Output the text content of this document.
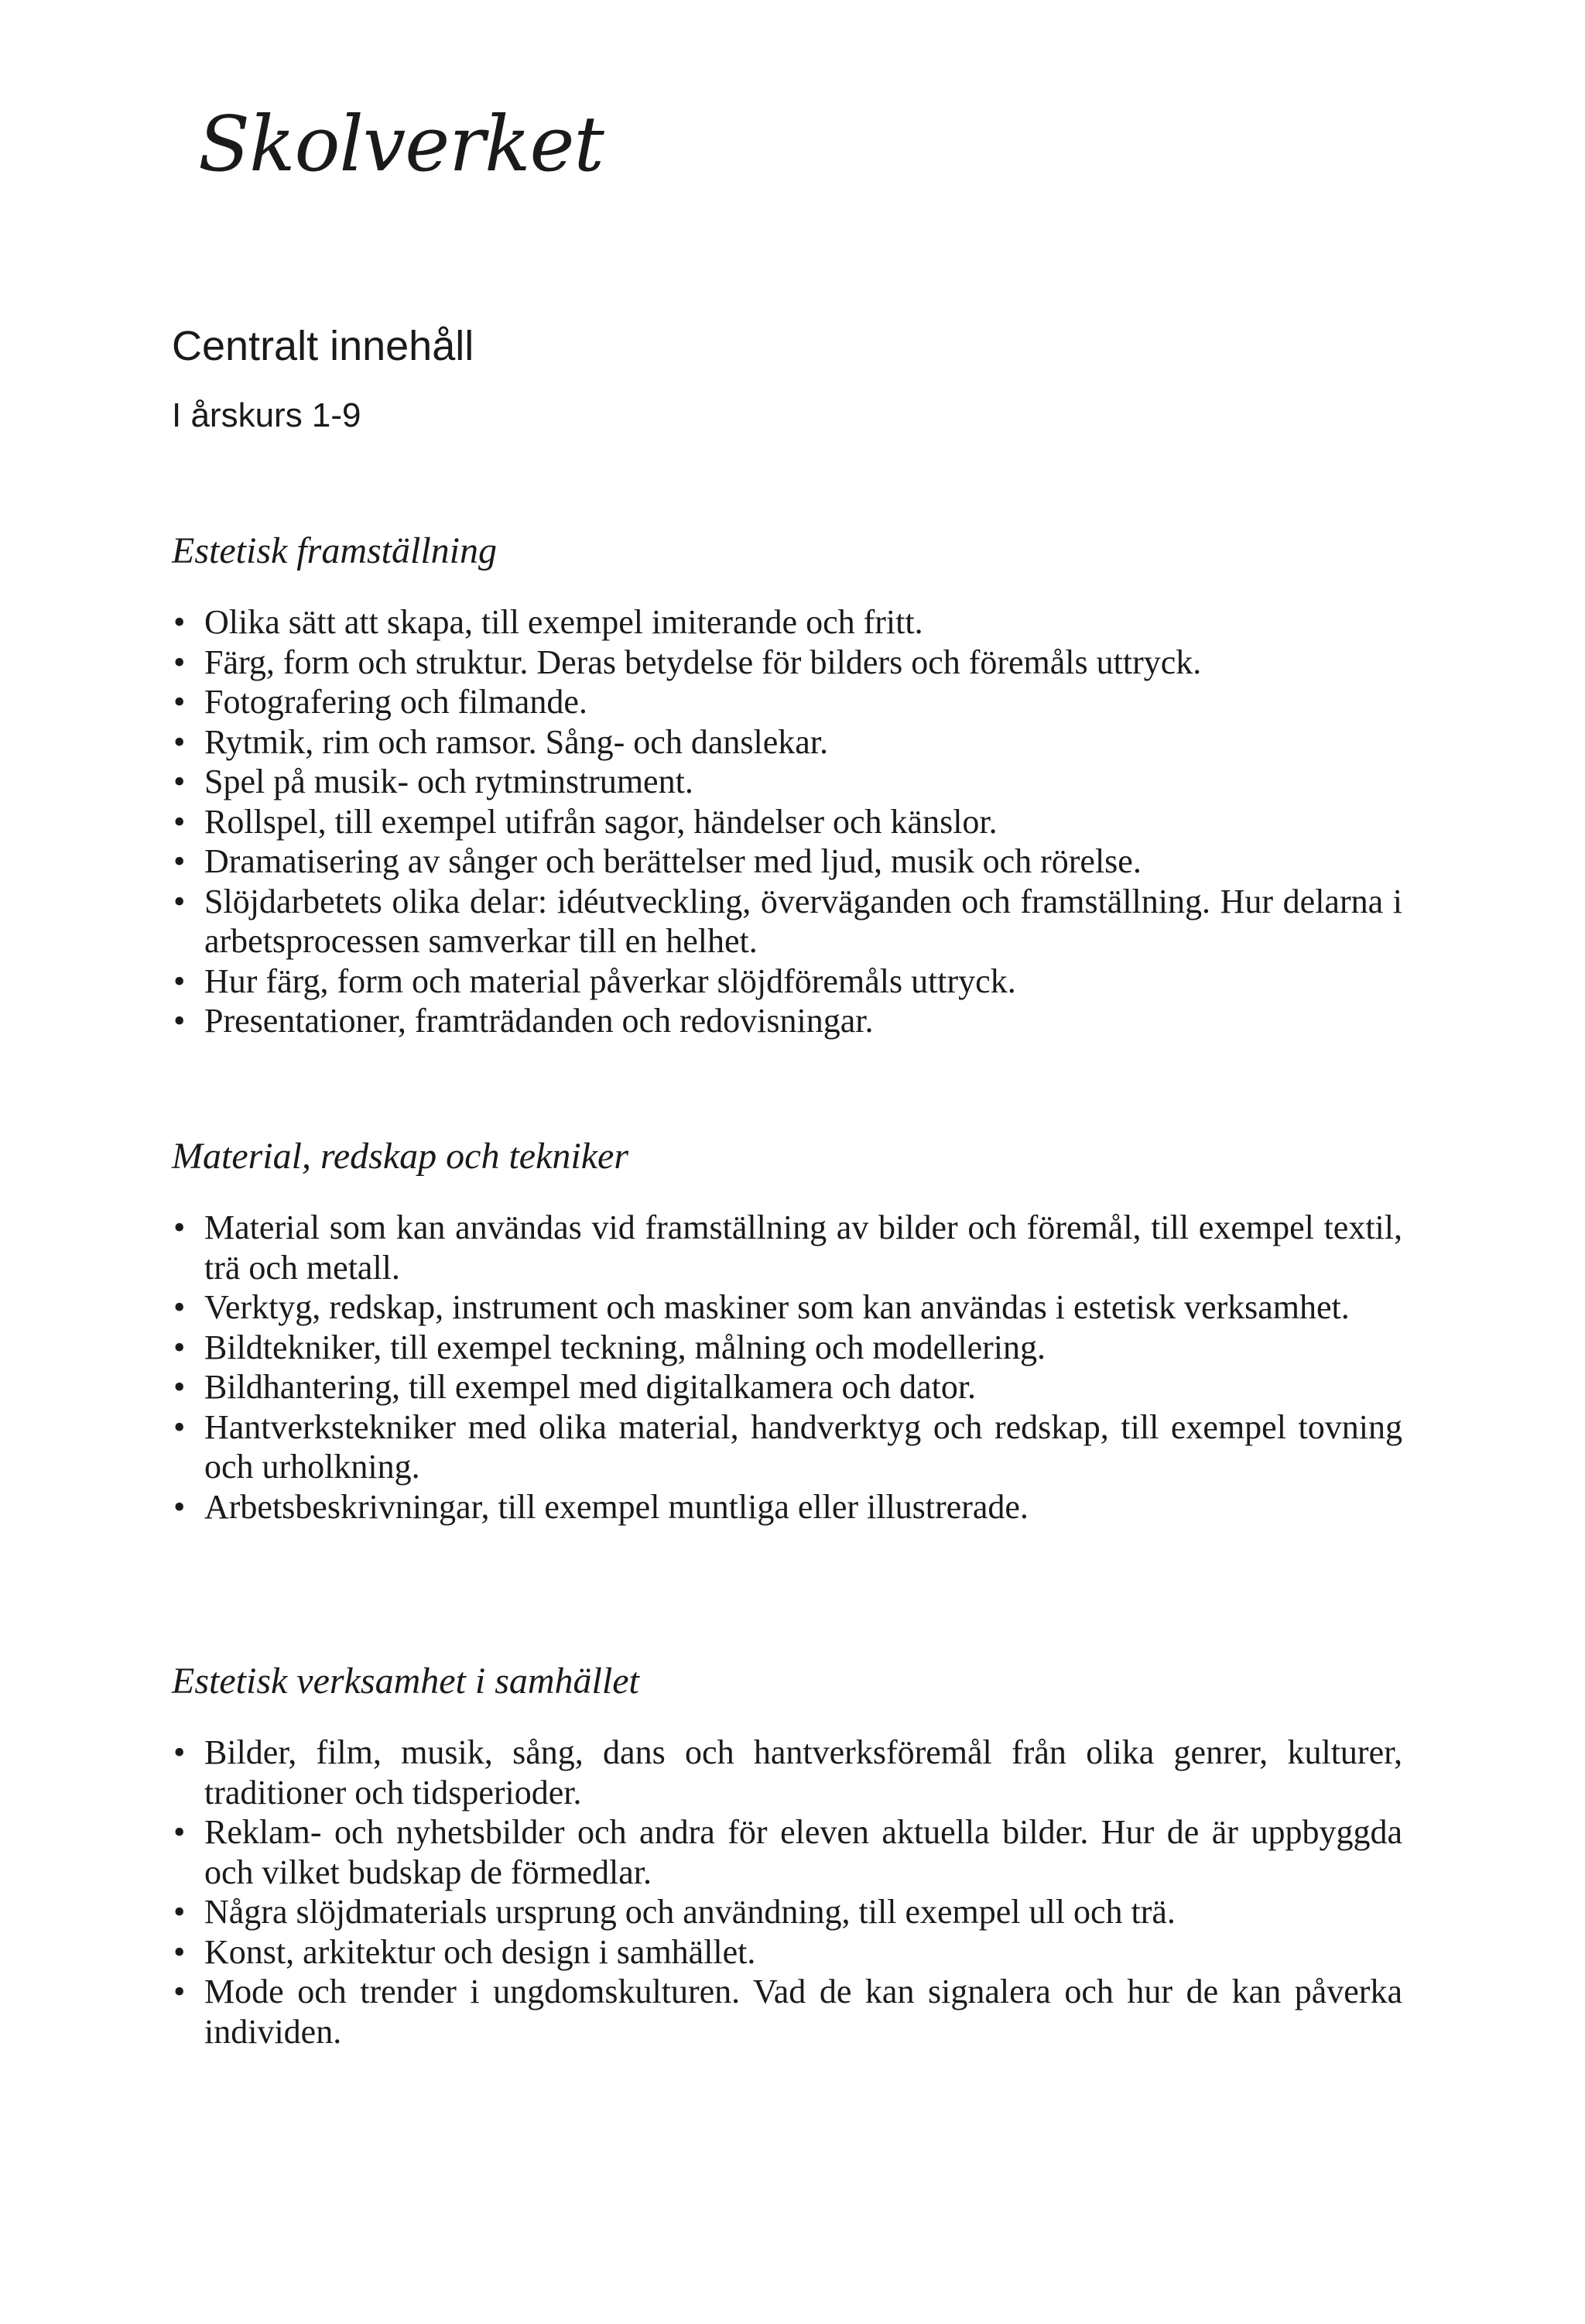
Skolverket
Centralt innehåll
I årskurs 1-9
Estetisk framställning
• Olika sätt att skapa, till exempel imiterande och fritt.
• Färg, form och struktur. Deras betydelse för bilders och föremåls uttryck.
• Fotografering och filmande.
• Rytmik, rim och ramsor. Sång- och danslekar.
• Spel på musik- och rytminstrument.
• Rollspel, till exempel utifrån sagor, händelser och känslor.
• Dramatisering av sånger och berättelser med ljud, musik och rörelse.
• Slöjdarbetets olika delar: idéutveckling, överväganden och framställning. Hur delarna i arbetsprocessen samverkar till en helhet.
• Hur färg, form och material påverkar slöjdföremåls uttryck.
• Presentationer, framträdanden och redovisningar.
Material, redskap och tekniker
• Material som kan användas vid framställning av bilder och föremål, till exempel textil, trä och metall.
• Verktyg, redskap, instrument och maskiner som kan användas i estetisk verksamhet.
• Bildtekniker, till exempel teckning, målning och modellering.
• Bildhantering, till exempel med digitalkamera och dator.
• Hantverkstekniker med olika material, handverktyg och redskap, till exempel tovning och urholkning.
• Arbetsbeskrivningar, till exempel muntliga eller illustrerade.
Estetisk verksamhet i samhället
• Bilder, film, musik, sång, dans och hantverksföremål från olika genrer, kulturer, traditioner och tidsperioder.
• Reklam- och nyhetsbilder och andra för eleven aktuella bilder. Hur de är uppbyggda och vilket budskap de förmedlar.
• Några slöjdmaterials ursprung och användning, till exempel ull och trä.
• Konst, arkitektur och design i samhället.
• Mode och trender i ungdomskulturen. Vad de kan signalera och hur de kan påverka individen.
